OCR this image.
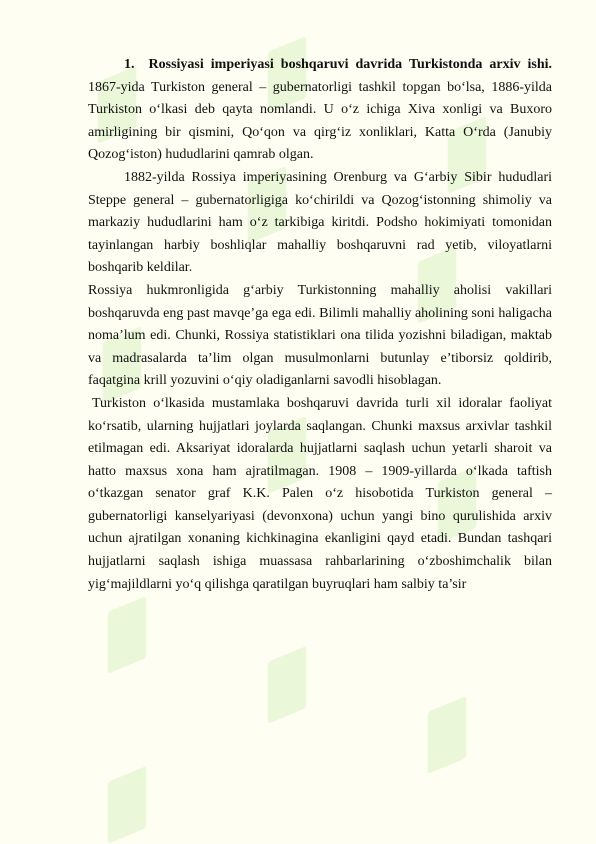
1. Rossiyasi imperiyasi boshqaruvi davrida Turkistonda arxiv ishi. 1867-yida Turkiston general – gubernatorligi tashkil topgan bo‘lsa, 1886-yilda Turkiston o‘lkasi deb qayta nomlandi. U o‘z ichiga Xiva xonligi va Buxoro amirligining bir qismini, Qo‘qon va qirg‘iz xonliklari, Katta O‘rda (Janubiy Qozog‘iston) hududlarini qamrab olgan.

1882-yilda Rossiya imperiyasining Orenburg va G‘arbiy Sibir hududlari Steppe general – gubernatorligiga ko‘chirildi va Qozog‘istonning shimoliy va markaziy hududlarini ham o‘z tarkibiga kiritdi. Podsho hokimiyati tomonidan tayinlangan harbiy boshliqlar mahalliy boshqaruvni rad yetib, viloyatlarni boshqarib keldilar.

Rossiya hukmronligida g‘arbiy Turkistonning mahalliy aholisi vakillari boshqaruvda eng past mavqe’ga ega edi. Bilimli mahalliy aholining soni haligacha noma’lum edi. Chunki, Rossiya statistiklari ona tilida yozishni biladigan, maktab va madrasalarda ta’lim olgan musulmonlarni butunlay e’tiborsiz qoldirib, faqatgina krill yozuvini o‘qiy oladiganlarni savodli hisoblagan.

Turkiston o‘lkasida mustamlaka boshqaruvi davrida turli xil idoralar faoliyat ko‘rsatib, ularning hujjatlari joylarda saqlangan. Chunki maxsus arxivlar tashkil etilmagan edi. Aksariyat idoralarda hujjatlarni saqlash uchun yetarli sharoit va hatto maxsus xona ham ajratilmagan. 1908 – 1909-yillarda o‘lkada taftish o‘tkazgan senator graf K.K. Palen o‘z hisobotida Turkiston general – gubernatorligi kanselyariyasi (devonxona) uchun yangi bino qurulishida arxiv uchun ajratilgan xonaning kichkinagina ekanligini qayd etadi. Bundan tashqari hujjatlarni saqlash ishiga muassasa rahbarlarining o‘zboshimchalik bilan yig‘majildlarni yo‘q qilishga qaratilgan buyruqlari ham salbiy ta’sir
